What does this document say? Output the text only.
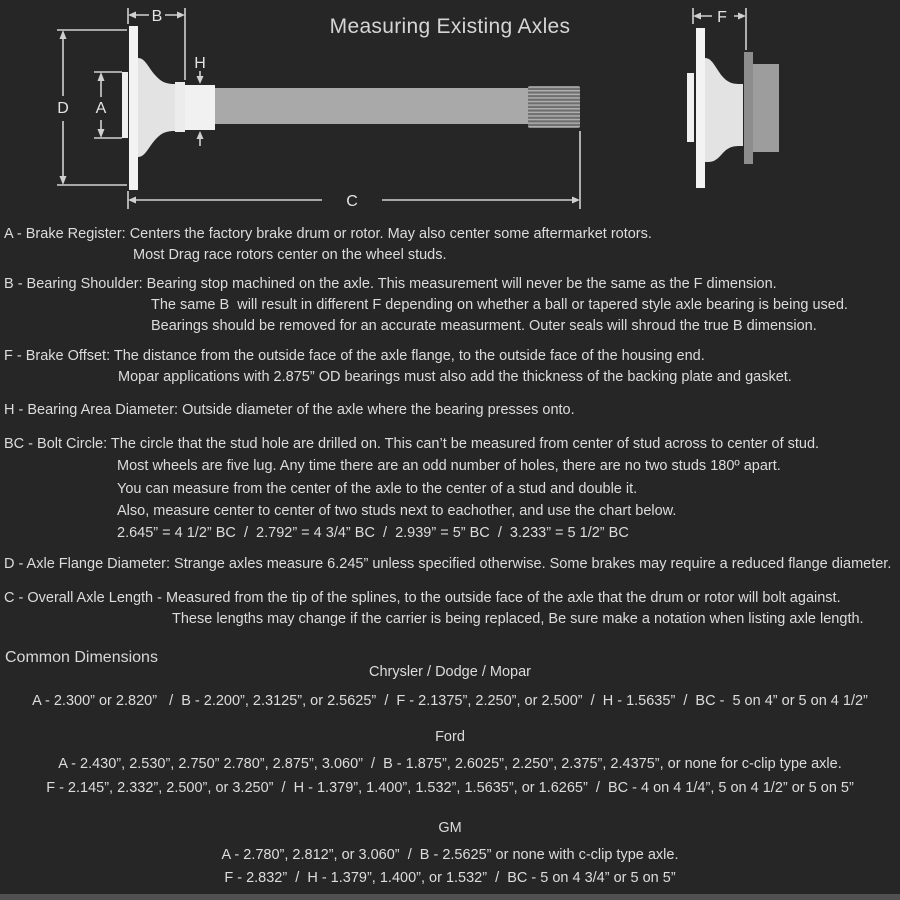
B
D A
H
C
F
Measuring Existing Axles
A - Brake Register: Centers the factory brake drum or rotor. May also center some aftermarket rotors.
Most Drag race rotors center on the wheel studs.
B - Bearing Shoulder: Bearing stop machined on the axle. This measurement will never be the same as the F dimension.
The same B  will result in different F depending on whether a ball or tapered style axle bearing is being used.
Bearings should be removed for an accurate measurment. Outer seals will shroud the true B dimension.
F - Brake Offset: The distance from the outside face of the axle flange, to the outside face of the housing end.
Mopar applications with 2.875” OD bearings must also add the thickness of the backing plate and gasket.
H - Bearing Area Diameter: Outside diameter of the axle where the bearing presses onto.
BC - Bolt Circle: The circle that the stud hole are drilled on. This can’t be measured from center of stud across to center of stud.
Most wheels are five lug. Any time there are an odd number of holes, there are no two studs 180º apart.
You can measure from the center of the axle to the center of a stud and double it.
Also, measure center to center of two studs next to eachother, and use the chart below.
2.645” = 4 1/2” BC  /  2.792” = 4 3/4” BC  /  2.939” = 5” BC  /  3.233” = 5 1/2” BC
D - Axle Flange Diameter: Strange axles measure 6.245” unless specified otherwise. Some brakes may require a reduced flange diameter.
C - Overall Axle Length - Measured from the tip of the splines, to the outside face of the axle that the drum or rotor will bolt against.
These lengths may change if the carrier is being replaced, Be sure make a notation when listing axle length.
Common Dimensions
Chrysler / Dodge / Mopar
A - 2.300” or 2.820”   /  B - 2.200”, 2.3125”, or 2.5625”  /  F - 2.1375”, 2.250”, or 2.500”  /  H - 1.5635”  /  BC -  5 on 4” or 5 on 4 1/2”
Ford
A - 2.430”, 2.530”, 2.750” 2.780”, 2.875”, 3.060”  /  B - 1.875”, 2.6025”, 2.250”, 2.375”, 2.4375”, or none for c-clip type axle.
F - 2.145”, 2.332”, 2.500”, or 3.250”  /  H - 1.379”, 1.400”, 1.532”, 1.5635”, or 1.6265”  /  BC - 4 on 4 1/4”, 5 on 4 1/2” or 5 on 5”
GM
A - 2.780”, 2.812”, or 3.060”  /  B - 2.5625” or none with c-clip type axle.
F - 2.832”  /  H - 1.379”, 1.400”, or 1.532”  /  BC - 5 on 4 3/4” or 5 on 5”
